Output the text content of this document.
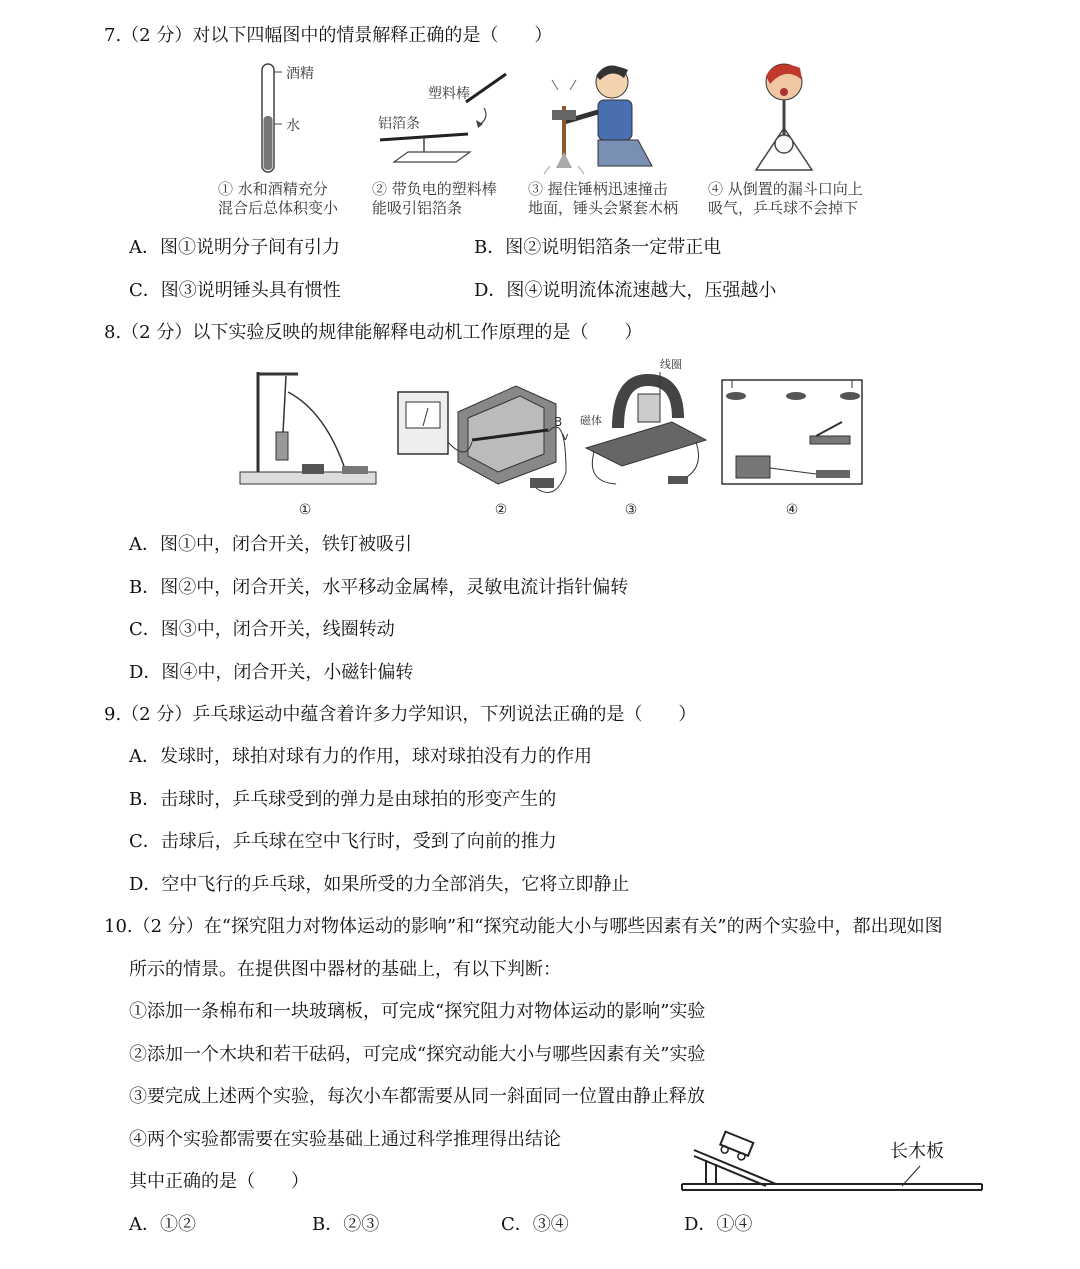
7.（2 分）对以下四幅图中的情景解释正确的是（　　）
酒精
水
① 水和酒精充分
混合后总体积变小
塑料棒
铝箔条
② 带负电的塑料棒
能吸引铝箔条
③ 握住锤柄迅速撞击
地面，锤头会紧套木柄
④ 从倒置的漏斗口向上
吸气，乒乓球不会掉下
A．图①说明分子间有引力	B．图②说明铝箔条一定带正电
C．图③说明锤头具有惯性	D．图④说明流体流速越大，压强越小
8.（2 分）以下实验反映的规律能解释电动机工作原理的是（　　）
B
v
磁体
线圈
①	②	③	④
A．图①中，闭合开关，铁钉被吸引
B．图②中，闭合开关，水平移动金属棒，灵敏电流计指针偏转
C．图③中，闭合开关，线圈转动
D．图④中，闭合开关，小磁针偏转
9.（2 分）乒乓球运动中蕴含着许多力学知识，下列说法正确的是（　　）
A．发球时，球拍对球有力的作用，球对球拍没有力的作用
B．击球时，乒乓球受到的弹力是由球拍的形变产生的
C．击球后，乒乓球在空中飞行时，受到了向前的推力
D．空中飞行的乒乓球，如果所受的力全部消失，它将立即静止
10.（2 分）在“探究阻力对物体运动的影响”和“探究动能大小与哪些因素有关”的两个实验中，都出现如图
所示的情景。在提供图中器材的基础上，有以下判断：
①添加一条棉布和一块玻璃板，可完成“探究阻力对物体运动的影响”实验
②添加一个木块和若干砝码，可完成“探究动能大小与哪些因素有关”实验
③要完成上述两个实验，每次小车都需要从同一斜面同一位置由静止释放
④两个实验都需要在实验基础上通过科学推理得出结论
其中正确的是（　　）
长木板
A．①②	B．②③	C．③④	D．①④
